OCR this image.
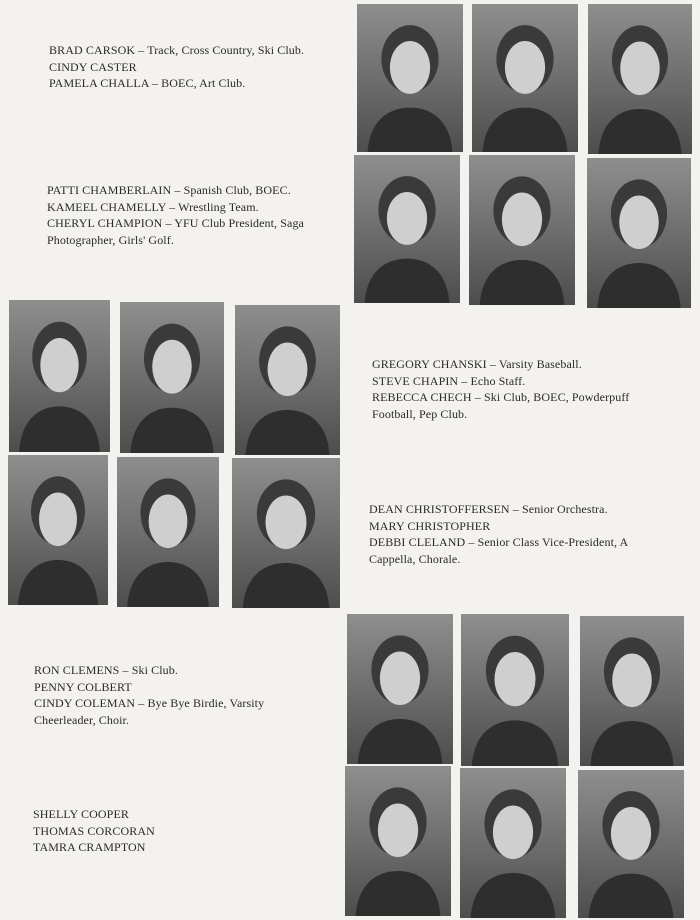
BRAD CARSOK – Track, Cross Country, Ski Club.
CINDY CASTER
PAMELA CHALLA – BOEC, Art Club.
PATTI CHAMBERLAIN – Spanish Club, BOEC.
KAMEEL CHAMELLY – Wrestling Team.
CHERYL CHAMPION – YFU Club President, Saga Photographer, Girls' Golf.
GREGORY CHANSKI – Varsity Baseball.
STEVE CHAPIN – Echo Staff.
REBECCA CHECH – Ski Club, BOEC, Powderpuff Football, Pep Club.
DEAN CHRISTOFFERSEN – Senior Orchestra.
MARY CHRISTOPHER
DEBBI CLELAND – Senior Class Vice-President, A Cappella, Chorale.
RON CLEMENS – Ski Club.
PENNY COLBERT
CINDY COLEMAN – Bye Bye Birdie, Varsity Cheerleader, Choir.
SHELLY COOPER
THOMAS CORCORAN
TAMRA CRAMPTON
